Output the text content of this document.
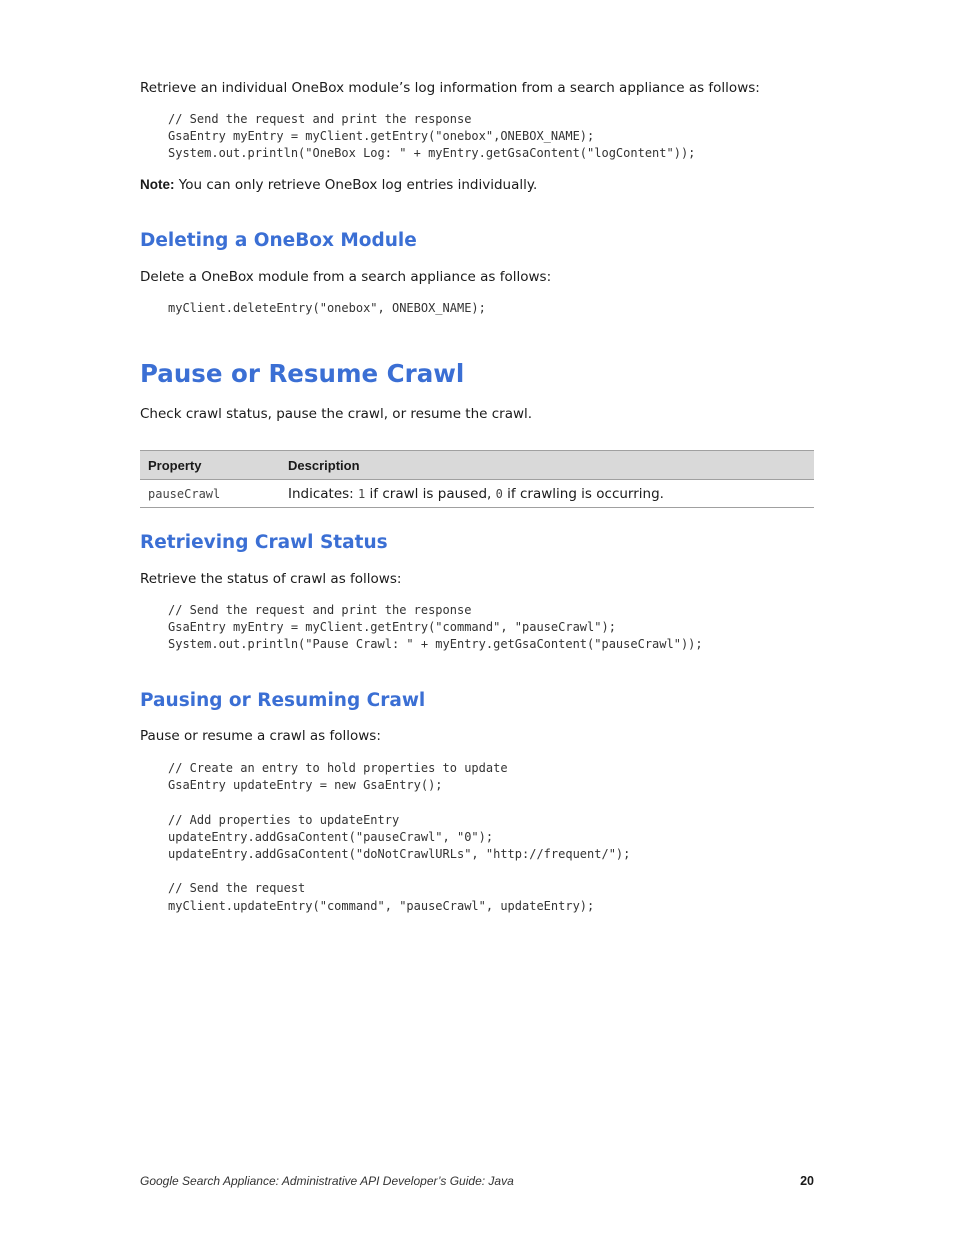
Retrieve an individual OneBox module’s log information from a search appliance as follows:
// Send the request and print the response
GsaEntry myEntry = myClient.getEntry("onebox",ONEBOX_NAME);
System.out.println("OneBox Log: " + myEntry.getGsaContent("logContent"));
Note: You can only retrieve OneBox log entries individually.
Deleting a OneBox Module
Delete a OneBox module from a search appliance as follows:
myClient.deleteEntry("onebox", ONEBOX_NAME);
Pause or Resume Crawl
Check crawl status, pause the crawl, or resume the crawl.
Property	Description
pauseCrawl	Indicates: 1 if crawl is paused, 0 if crawling is occurring.
Retrieving Crawl Status
Retrieve the status of crawl as follows:
// Send the request and print the response
GsaEntry myEntry = myClient.getEntry("command", "pauseCrawl");
System.out.println("Pause Crawl: " + myEntry.getGsaContent("pauseCrawl"));
Pausing or Resuming Crawl
Pause or resume a crawl as follows:
// Create an entry to hold properties to update
GsaEntry updateEntry = new GsaEntry();

// Add properties to updateEntry
updateEntry.addGsaContent("pauseCrawl", "0");
updateEntry.addGsaContent("doNotCrawlURLs", "http://frequent/");

// Send the request
myClient.updateEntry("command", "pauseCrawl", updateEntry);
Google Search Appliance: Administrative API Developer’s Guide: Java	20
